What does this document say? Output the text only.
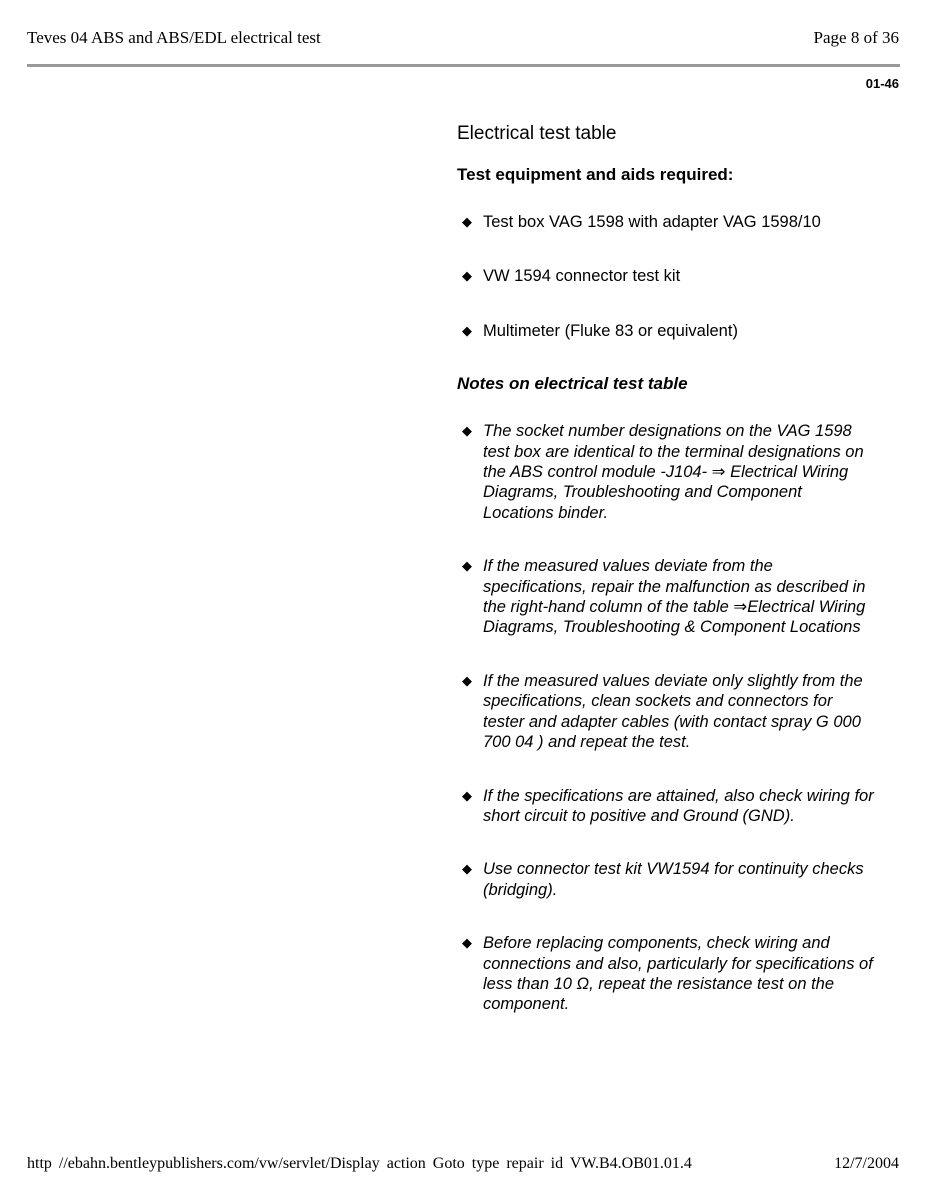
Teves 04 ABS and ABS/EDL electrical test	Page 8 of 36
01-46
Electrical test table
Test equipment and aids required:
◆ Test box VAG 1598 with adapter VAG 1598/10
◆ VW 1594 connector test kit
◆ Multimeter (Fluke 83 or equivalent)
Notes on electrical test table
◆ The socket number designations on the VAG 1598 test box are identical to the terminal designations on the ABS control module -J104- ⇒ Electrical Wiring Diagrams, Troubleshooting and Component Locations binder.
◆ If the measured values deviate from the specifications, repair the malfunction as described in the right-hand column of the table ⇒Electrical Wiring Diagrams, Troubleshooting & Component Locations
◆ If the measured values deviate only slightly from the specifications, clean sockets and connectors for tester and adapter cables (with contact spray G 000 700 04 ) and repeat the test.
◆ If the specifications are attained, also check wiring for short circuit to positive and Ground (GND).
◆ Use connector test kit VW1594 for continuity checks (bridging).
◆ Before replacing components, check wiring and connections and also, particularly for specifications of less than 10 Ω, repeat the resistance test on the component.
http //ebahn.bentleypublishers.com/vw/servlet/Display action Goto type repair id VW.B4.OB01.01.4	12/7/2004
